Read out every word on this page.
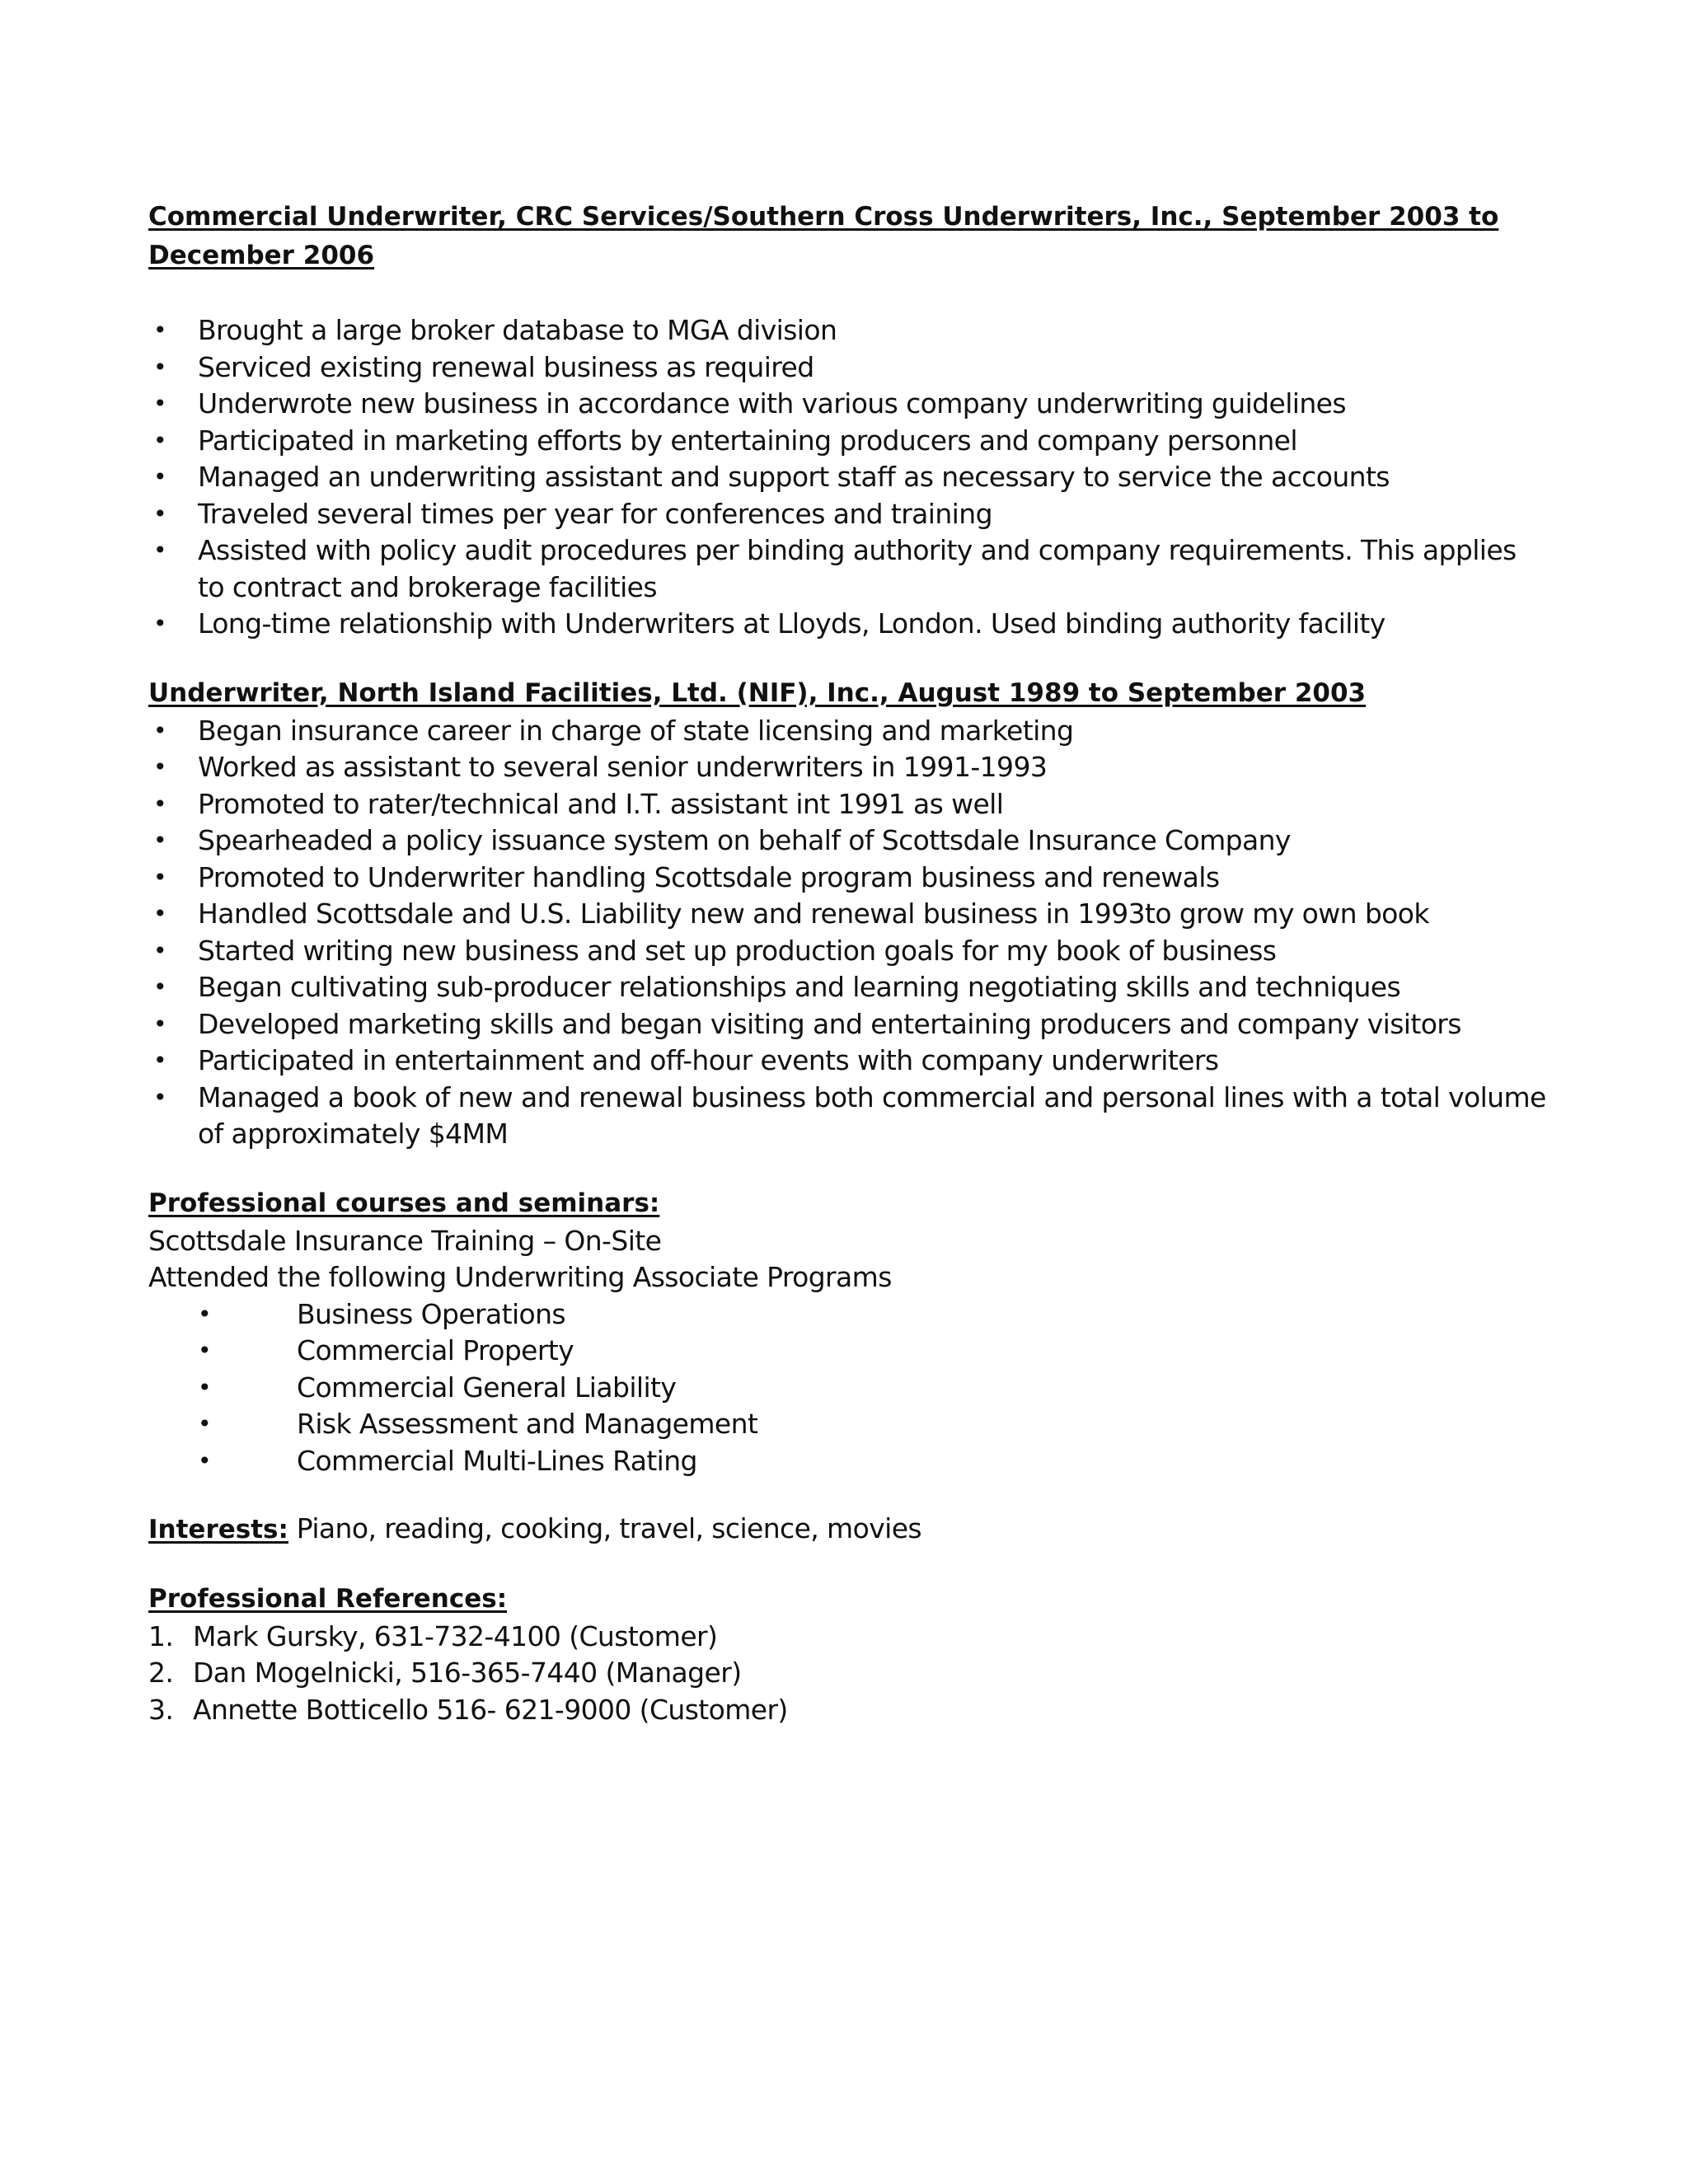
Commercial Underwriter, CRC Services/Southern Cross Underwriters, Inc., September 2003 to December 2006

• Brought a large broker database to MGA division
• Serviced existing renewal business as required
• Underwrote new business in accordance with various company underwriting guidelines
• Participated in marketing efforts by entertaining producers and company personnel
• Managed an underwriting assistant and support staff as necessary to service the accounts
• Traveled several times per year for conferences and training
• Assisted with policy audit procedures per binding authority and company requirements. This applies to contract and brokerage facilities
• Long-time relationship with Underwriters at Lloyds, London. Used binding authority facility

Underwriter, North Island Facilities, Ltd. (NIF), Inc., August 1989 to September 2003

• Began insurance career in charge of state licensing and marketing
• Worked as assistant to several senior underwriters in 1991-1993
• Promoted to rater/technical and I.T. assistant int 1991 as well
• Spearheaded a policy issuance system on behalf of Scottsdale Insurance Company
• Promoted to Underwriter handling Scottsdale program business and renewals
• Handled Scottsdale and U.S. Liability new and renewal business in 1993to grow my own book
• Started writing new business and set up production goals for my book of business
• Began cultivating sub-producer relationships and learning negotiating skills and techniques
• Developed marketing skills and began visiting and entertaining producers and company visitors
• Participated in entertainment and off-hour events with company underwriters
• Managed a book of new and renewal business both commercial and personal lines with a total volume of approximately $4MM

Professional courses and seminars:

Scottsdale Insurance Training – On-Site

Attended the following Underwriting Associate Programs

•	Business Operations
•	Commercial Property
•	Commercial General Liability
•	Risk Assessment and Management
•	Commercial Multi-Lines Rating

Interests: Piano, reading, cooking, travel, science, movies

Professional References:

1. Mark Gursky, 631-732-4100 (Customer)
2. Dan Mogelnicki, 516-365-7440 (Manager)
3. Annette Botticello 516- 621-9000 (Customer)
